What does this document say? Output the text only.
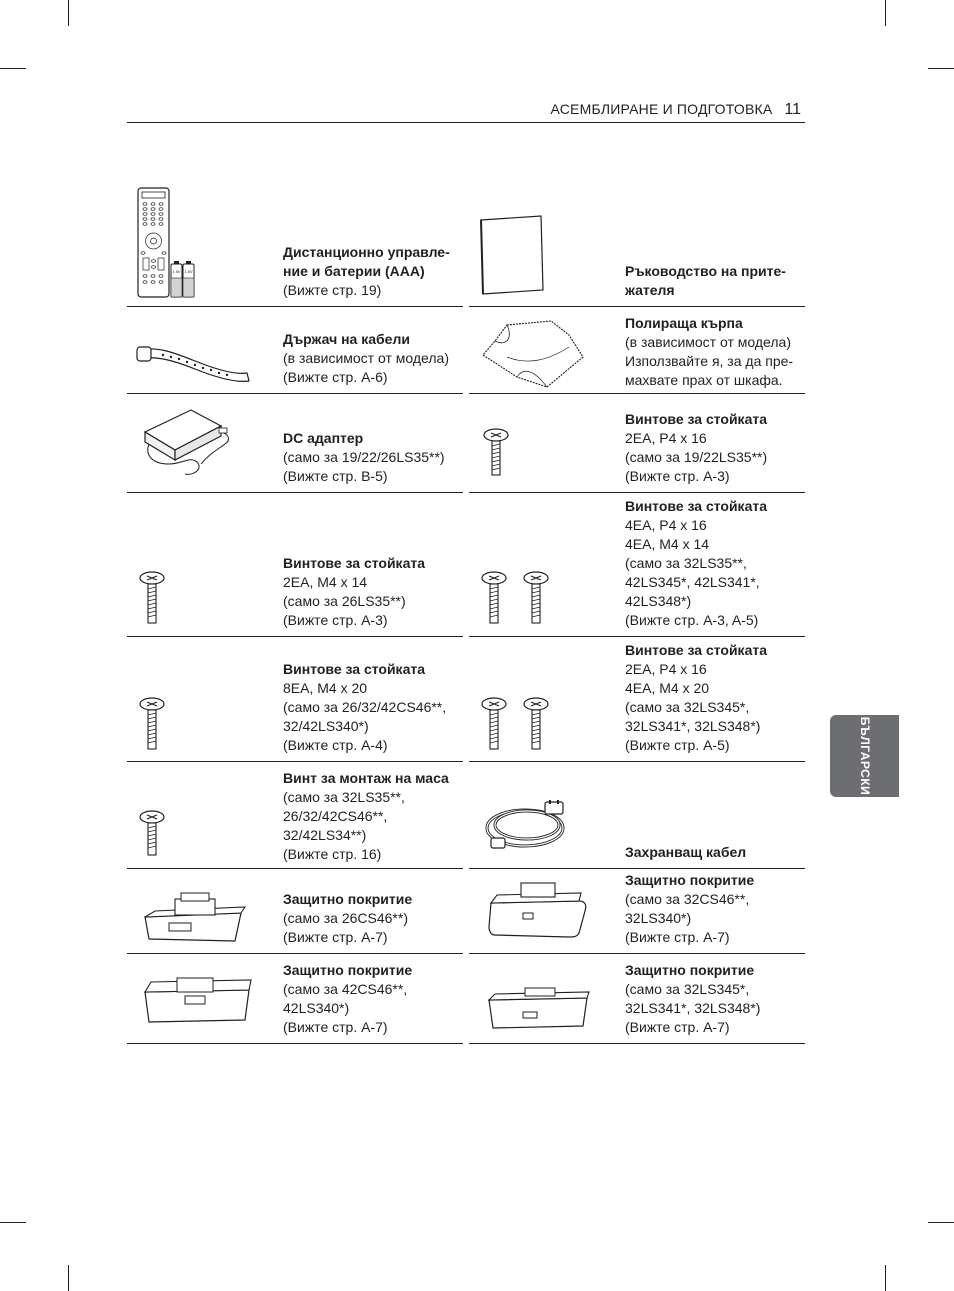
АСЕМБЛИРАНЕ И ПОДГОТОВКА 11
БЪЛГАРСКИ
1.5V 1.5V
Дистанционно управле-
ние и батерии (AAA)
(Вижте стр. 19)
Ръководство на прите-
жателя
Държач на кабели
(в зависимост от модела)
(Вижте стр. A-6)
Полираща кърпа
(в зависимост от модела)
Използвайте я, за да пре-
махвате прах от шкафа.
DC адаптер
(само за 19/22/26LS35**)
(Вижте стр. B-5)
Винтове за стойката
2EA, P4 x 16
(само за 19/22LS35**)
(Вижте стр. A-3)
Винтове за стойката
2EA, M4 x 14
(само за 26LS35**)
(Вижте стр. A-3)
Винтове за стойката
4EA, P4 x 16
4EA, M4 x 14
(само за 32LS35**,
42LS345*, 42LS341*,
42LS348*)
(Вижте стр. A-3, A-5)
Винтове за стойката
8EA, M4 x 20
(само за 26/32/42CS46**,
32/42LS340*)
(Вижте стр. A-4)
Винтове за стойката
2EA, P4 x 16
4EA, M4 x 20
(само за 32LS345*,
32LS341*, 32LS348*)
(Вижте стр. A-5)
Винт за монтаж на маса
(само за 32LS35**,
26/32/42CS46**,
32/42LS34**)
(Вижте стр. 16)	Захранващ кабел
Защитно покритие
(само за 26CS46**)
(Вижте стр. A-7)
Защитно покритие
(само за 32CS46**,
32LS340*)
(Вижте стр. A-7)
Защитно покритие
(само за 42CS46**,
42LS340*)
(Вижте стр. A-7)
Защитно покритие
(само за 32LS345*,
32LS341*, 32LS348*)
(Вижте стр. A-7)
